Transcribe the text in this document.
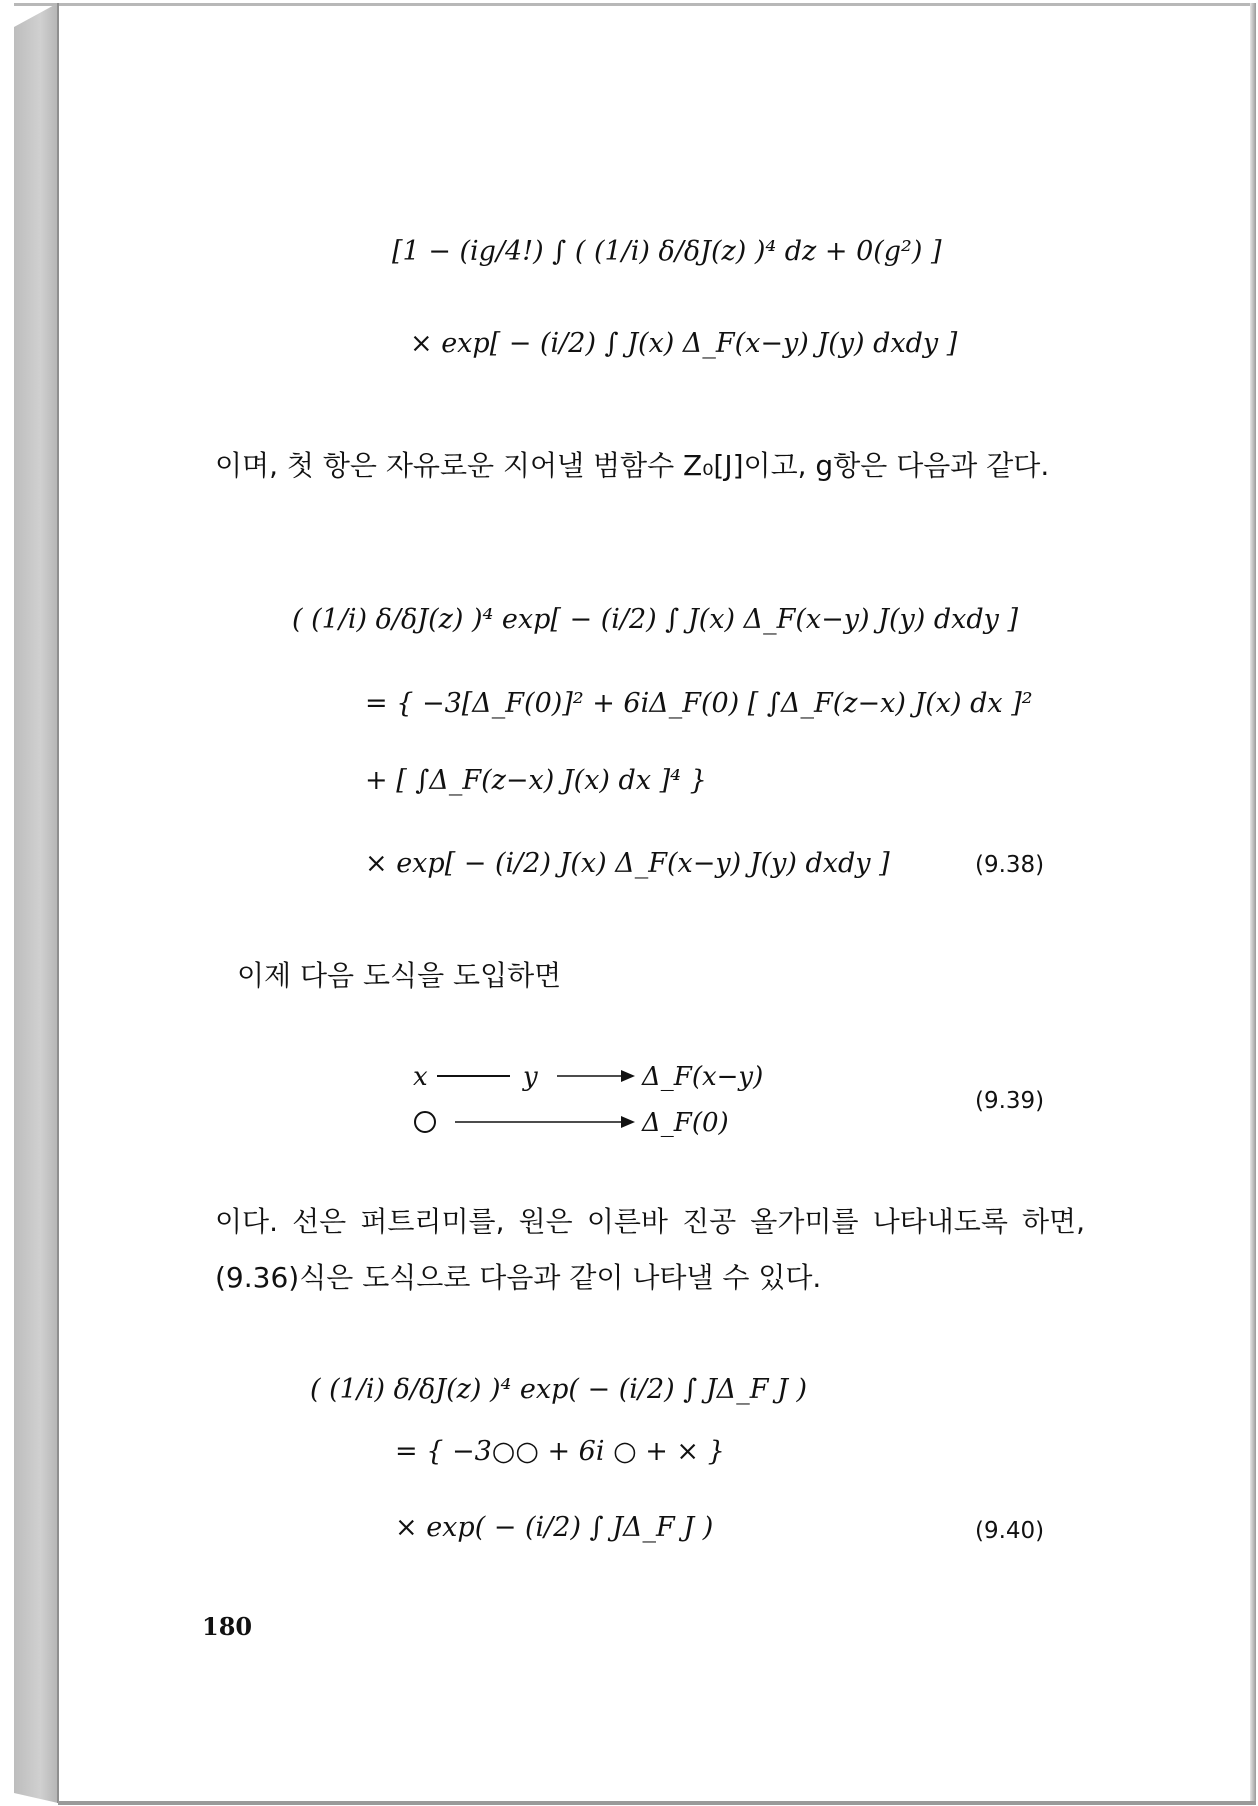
[1 − (ig/4!) ∫ ( (1/i) δ/δJ(z) )⁴ dz + 0(g²) ]
× exp[ − (i/2) ∫ J(x) Δ_F(x−y) J(y) dxdy ]
이며, 첫 항은 자유로운 지어낼 범함수 Z₀[J]이고, g항은 다음과 같다.
( (1/i) δ/δJ(z) )⁴ exp[ − (i/2) ∫ J(x) Δ_F(x−y) J(y) dxdy ]
= { −3[Δ_F(0)]² + 6iΔ_F(0) [ ∫Δ_F(z−x) J(x) dx ]²
+ [ ∫Δ_F(z−x) J(x) dx ]⁴ }
× exp[ − (i/2) J(x) Δ_F(x−y) J(y) dxdy ]	(9.38)
이제 다음 도식을 도입하면
x	y	Δ_F(x−y)
Δ_F(0)
(9.39)
이다. 선은 퍼트리미를, 원은 이른바 진공 올가미를 나타내도록 하면, (9.36)식은 도식으로 다음과 같이 나타낼 수 있다.
( (1/i) δ/δJ(z) )⁴ exp( − (i/2) ∫ JΔ_F J )
= { −3○○ + 6i ○ + × }
× exp( − (i/2) ∫ JΔ_F J )	(9.40)
180
